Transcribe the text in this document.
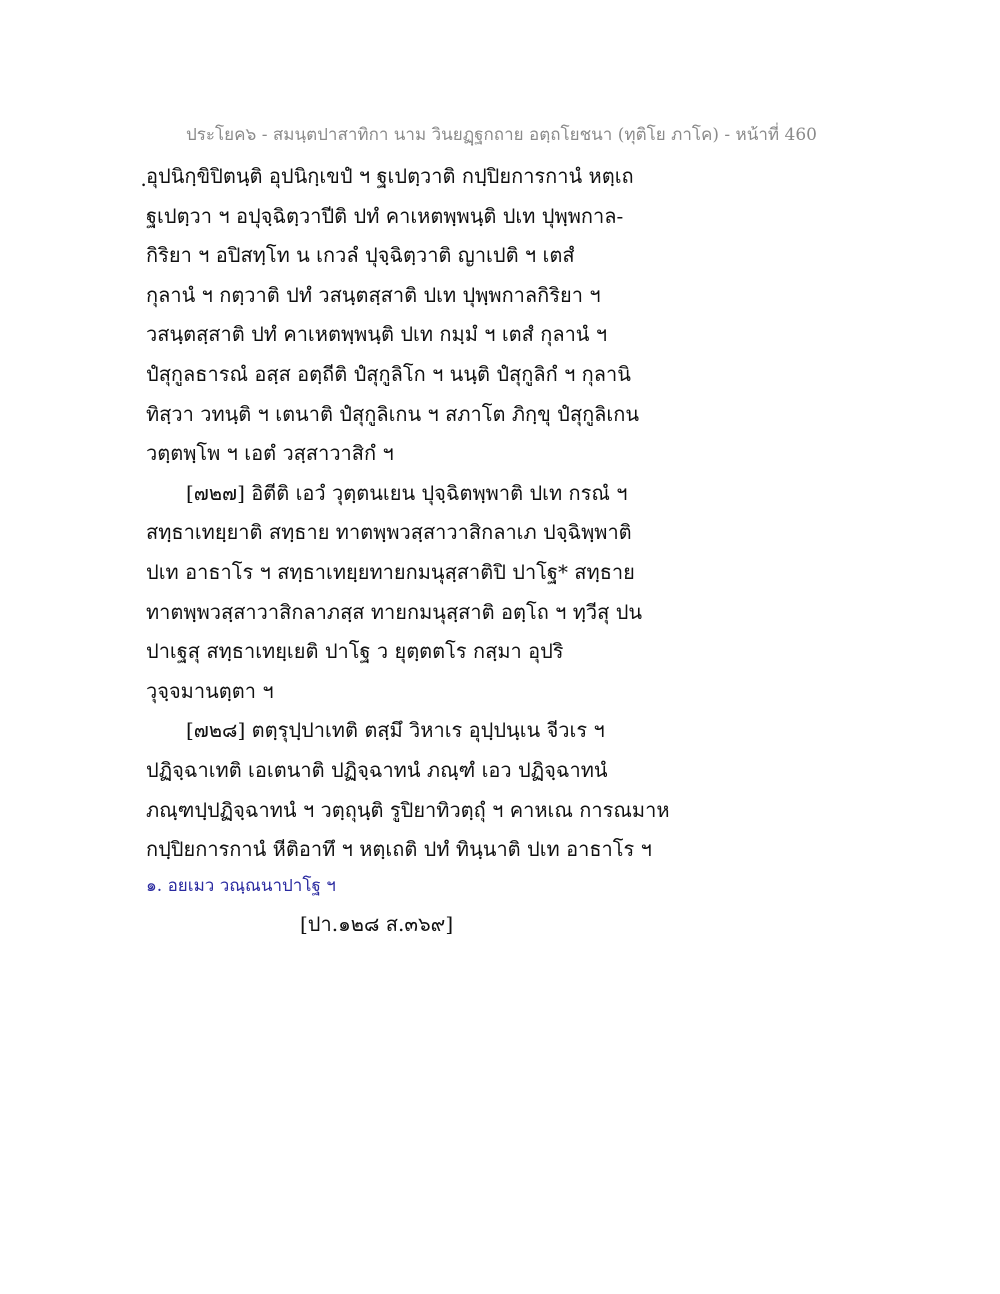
ประโยค๖ - สมนฺตปาสาทิกา นาม วินยฏฺฐกถาย อตฺถโยชนา (ทุติโย ภาโค) - หน้าที่ 460
ฺอุปนิกฺขิปิตนฺติ อุปนิกฺเขปํ ฯ ฐเปตฺวาติ กปฺปิยการกานํ หตฺเถ
ฐเปตฺวา ฯ อปุจฺฉิตฺวาปีติ ปทํ คาเหตพฺพนฺติ ปเท ปุพฺพกาล-
กิริยา ฯ อปิสทฺโท น เกวลํ ปุจฺฉิตฺวาติ ญาเปติ ฯ เตสํ
กุลานํ ฯ กตฺวาติ ปทํ วสนฺตสฺสาติ ปเท ปุพฺพกาลกิริยา ฯ
วสนฺตสฺสาติ ปทํ คาเหตพฺพนฺติ ปเท กมฺมํ ฯ เตสํ กุลานํ ฯ
ปํสุกูลธารณํ อสฺส อตฺถีติ ปํสุกูลิโก ฯ นนฺติ ปํสุกูลิกํ ฯ กุลานิ
ทิสฺวา วทนฺติ ฯ เตนาติ ปํสุกูลิเกน ฯ สภาโต ภิกฺขุ ปํสุกูลิเกน
วตฺตพฺโพ ฯ เอตํ วสฺสาวาสิกํ ฯ
[๗๒๗] อิตีติ เอวํ วุตฺตนเยน ปุจฺฉิตพฺพาติ ปเท กรณํ ฯ
สทฺธาเทยฺยาติ สทฺธาย ทาตพฺพวสฺสาวาสิกลาเภ ปจฺฉิพฺพาติ
ปเท อาธาโร ฯ สทฺธาเทยฺยทายกมนุสฺสาติปิ ปาโฐ* สทฺธาย
ทาตพฺพวสฺสาวาสิกลาภสฺส ทายกมนุสฺสาติ อตฺโถ ฯ ทฺวีสุ ปน
ปาเฐสุ สทฺธาเทยฺเยติ ปาโฐ ว ยุตฺตตโร กสฺมา อุปริ
วุจฺจมานตฺตา ฯ
[๗๒๘] ตตฺรุปฺปาเทติ ตสฺมึ วิหาเร อุปฺปนฺเน จีวเร ฯ
ปฏิจฺฉาเทติ เอเตนาติ ปฏิจฺฉาทนํ ภณฺฑํ เอว ปฏิจฺฉาทนํ
ภณฺฑปฺปฏิจฺฉาทนํ ฯ วตฺถุนฺติ รูปิยาทิวตฺถุํ ฯ คาหเณ การณมาห
กปฺปิยการกานํ หีติอาทึ ฯ หตฺเถติ ปทํ ทินฺนาติ ปเท อาธาโร ฯ
๑. อยเมว วณฺณนาปาโฐ ฯ
[ปา.๑๒๘ ส.๓๖๙]
